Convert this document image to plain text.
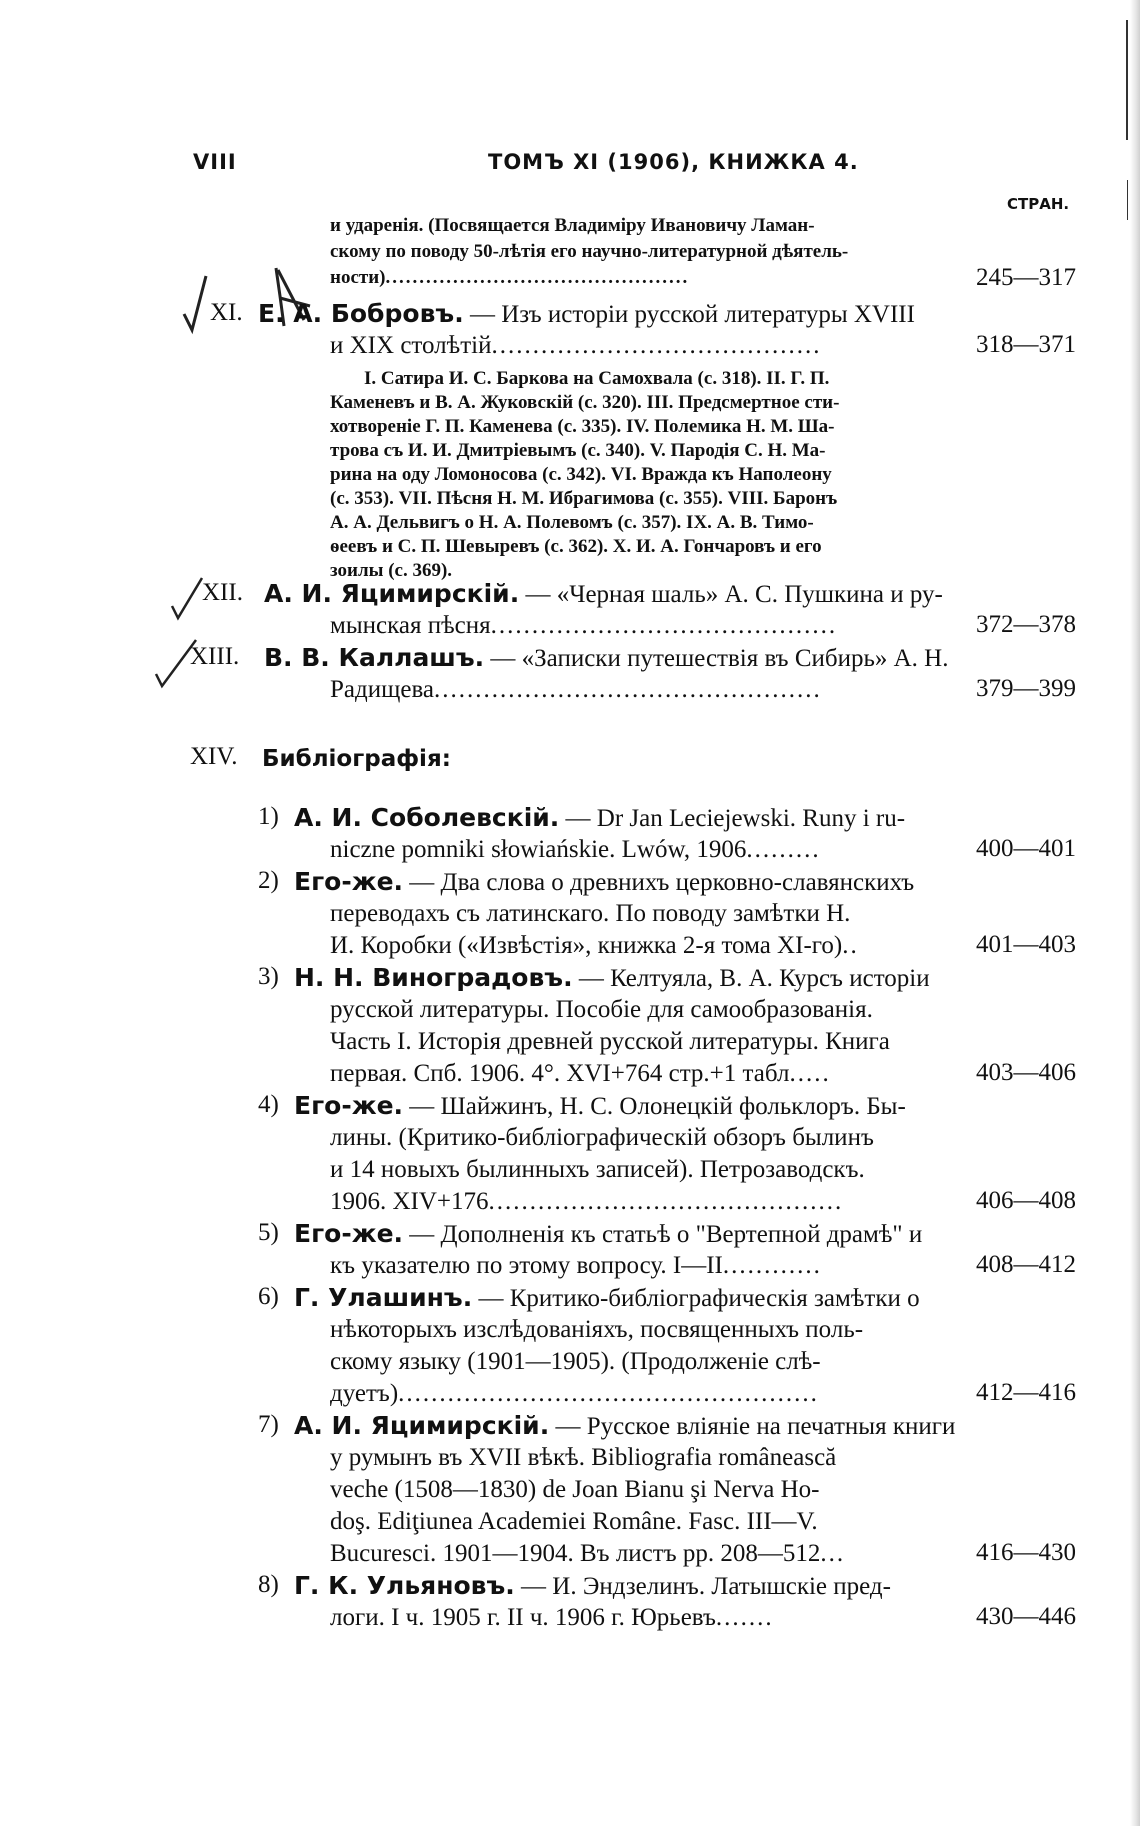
VIII	ТОМЪ XI (1906), КНИЖКА 4.
СТРАН.
и ударенія. (Посвящается Владиміру Ивановичу Ламан-
скому по поводу 50-лѣтія его научно-литературной дѣятель-
ности).............................................	245—317
XI. Е. А. Бобровъ. — Изъ исторіи русской литературы XVIII
и XIX столѣтій........................................	318—371
I. Сатира И. С. Баркова на Самохвала (с. 318). II. Г. П.
Каменевъ и В. А. Жуковскій (с. 320). III. Предсмертное сти-
хотвореніе Г. П. Каменева (с. 335). IV. Полемика Н. М. Ша-
трова съ И. И. Дмитріевымъ (с. 340). V. Пародія С. Н. Ма-
рина на оду Ломоносова (с. 342). VI. Вражда къ Наполеону
(с. 353). VII. Пѣсня Н. М. Ибрагимова (с. 355). VIII. Баронъ
А. А. Дельвигъ о Н. А. Полевомъ (с. 357). IX. А. В. Тимо-
ѳеевъ и С. П. Шевыревъ (с. 362). X. И. А. Гончаровъ и его
зоилы (с. 369).
XII. А. И. Яцимирскій. — «Черная шаль» А. С. Пушкина и ру-
мынская пѣсня..........................................	372—378
XIII. В. В. Каллашъ. — «Записки путешествія въ Сибирь» А. Н.
Радищева...............................................	379—399
XIV. Библіографія:
1) А. И. Соболевскій. — Dr Jan Leciejewski. Runy i ru-
niczne pomniki słowiańskie. Lwów, 1906.........	400—401
2) Его-же. — Два слова о древнихъ церковно-славянскихъ
переводахъ съ латинскаго. По поводу замѣтки Н.
И. Коробки («Извѣстія», книжка 2-я тома XI-го)..	401—403
3) Н. Н. Виноградовъ. — Келтуяла, В. А. Курсъ исторіи
русской литературы. Пособіе для самообразованія.
Часть I. Исторія древней русской литературы. Книга
первая. Спб. 1906. 4°. XVI+764 стр.+1 табл.....	403—406
4) Его-же. — Шайжинъ, Н. С. Олонецкій фольклоръ. Бы-
лины. (Критико-библіографическій обзоръ былинъ
и 14 новыхъ былинныхъ записей). Петрозаводскъ.
1906. XIV+176...........................................	406—408
5) Его-же. — Дополненія къ статьѣ о "Вертепной драмѣ" и
къ указателю по этому вопросу. I—II............	408—412
6) Г. Улашинъ. — Критико-библіографическія замѣтки о
нѣкоторыхъ изслѣдованіяхъ, посвященныхъ поль-
скому языку (1901—1905). (Продолженіе слѣ-
дуетъ)...................................................	412—416
7) А. И. Яцимирскій. — Русское вліяніе на печатныя книги
у румынъ въ XVII вѣкѣ. Bibliografia românească
veche (1508—1830) de Joan Bianu şi Nerva Ho-
doş. Ediţiunea Academiei Române. Fasc. III—V.
Bucuresci. 1901—1904. Въ листъ pp. 208—512...	416—430
8) Г. К. Ульяновъ. — И. Эндзелинъ. Латышскіе пред-
логи. I ч. 1905 г. II ч. 1906 г. Юрьевъ.......	430—446
